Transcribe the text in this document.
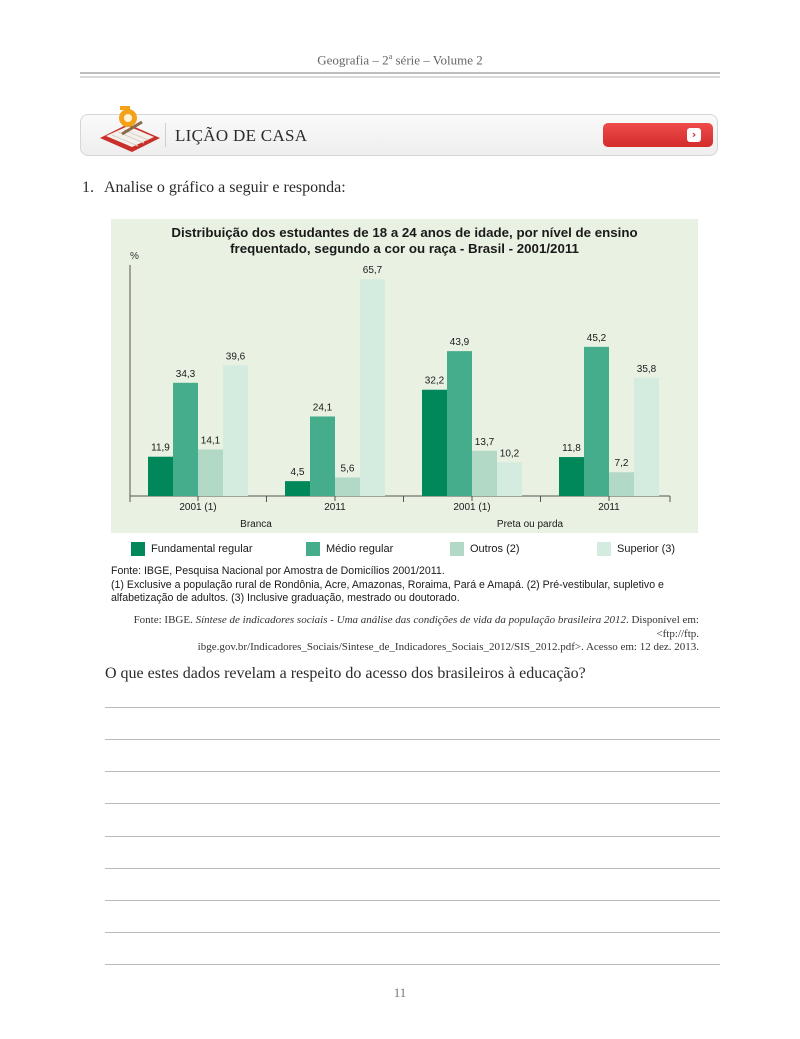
Geografia – 2$^a$ série – Volume 2
LIÇÃO DE CASA	›
1. Analise o gráfico a seguir e responda:
Distribuição dos estudantes de 18 a 24 anos de idade, por nível de ensino
frequentado, segundo a cor ou raça - Brasil - 2001/2011
%
11,9
4,5
32,2
11,8
34,3
24,1
43,9	45,2
14,1
5,6
13,7
7,2
39,6
65,7
10,2
35,8
2001 (1)	2011	2001 (1)	2011
Branca	Preta ou parda
Fundamental regular	Médio regular	Outros (2)	Superior (3)

Fonte: IBGE, Pesquisa Nacional por Amostra de Domicílios 2001/2011.

(1) Exclusive a população rural de Rondônia, Acre, Amazonas, Roraima, Pará e Amapá. (2) Pré-vestibular, supletivo e alfabetização de adultos. (3) Inclusive graduação, mestrado ou doutorado.

Fonte: IBGE. Síntese de indicadores sociais - Uma análise das condições de vida da população brasileira 2012. Disponível em: <ftp://ftp.
ibge.gov.br/Indicadores_Sociais/Sintese_de_Indicadores_Sociais_2012/SIS_2012.pdf>. Acesso em: 12 dez. 2013.
O que estes dados revelam a respeito do acesso dos brasileiros à educação?
11
